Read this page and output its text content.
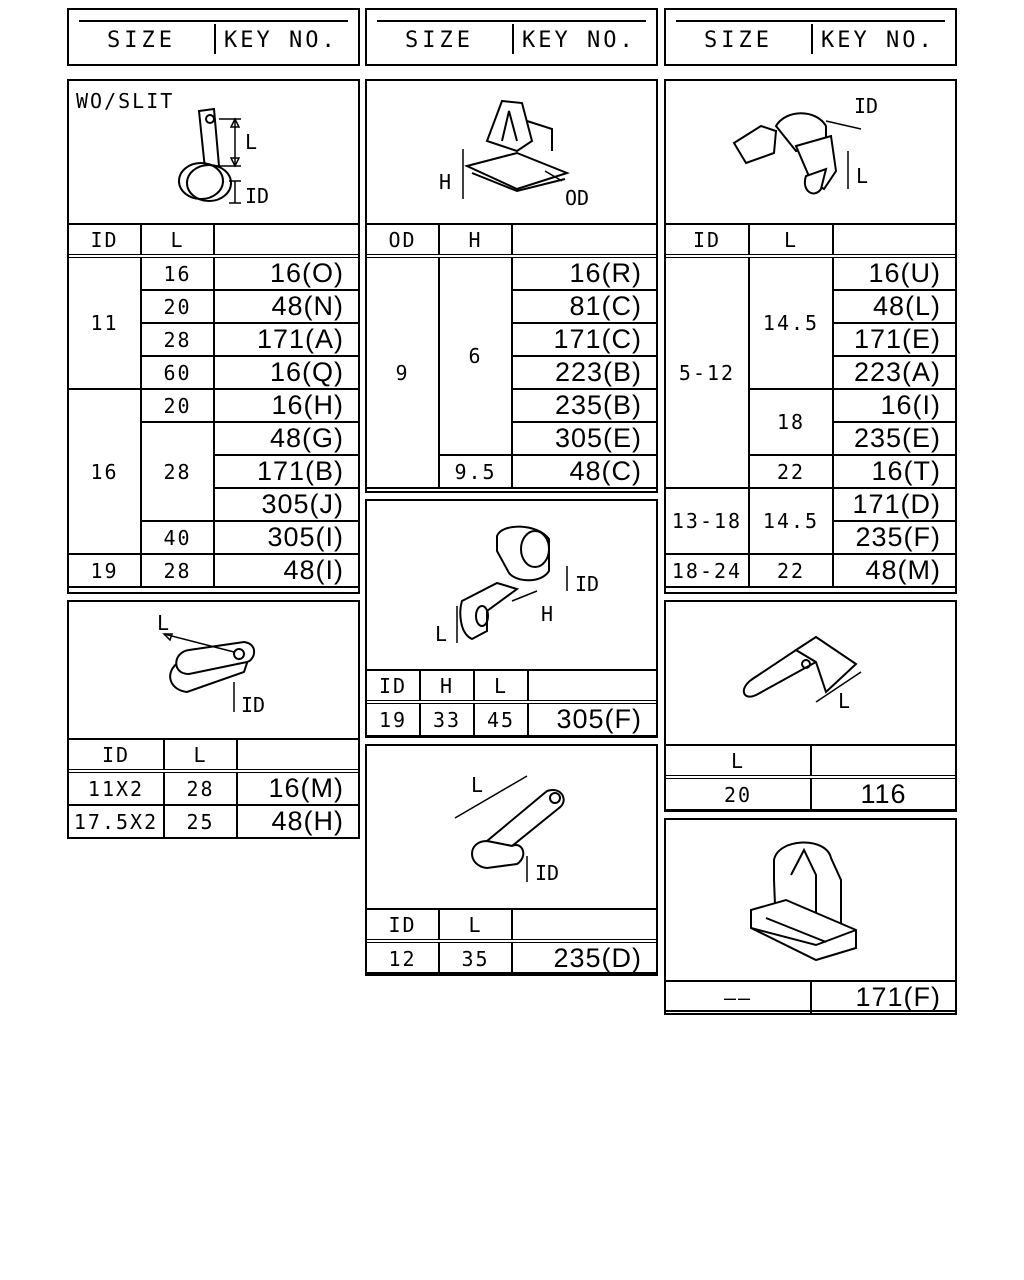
SIZE	KEY NO.	SIZE	KEY NO.	SIZE	KEY NO.
WO/SLIT
L
ID
ID	L	
11	16	16(O)
	20	48(N)
	28	171(A)
	60	16(Q)
16	20	16(H)
	28	48(G)
		171(B)
		305(J)
	40	305(I)
19	28	48(I)
L
ID
ID	L	
11X2	28	16(M)
17.5X2	25	48(H)
H
OD
OD	H	
9	6	16(R)
		81(C)
		171(C)
		223(B)
		235(B)
		305(E)
	9.5	48(C)
L
ID
H
ID	H	L	
19	33	45	305(F)
L
ID
ID	L	
12	35	235(D)
ID
L
ID	L	
5-12	14.5	16(U)
		48(L)
		171(E)
		223(A)
	18	16(I)
		235(E)
	22	16(T)
13-18	14.5	171(D)
		235(F)
18-24	22	48(M)
L
L	
20	116
——	171(F)
